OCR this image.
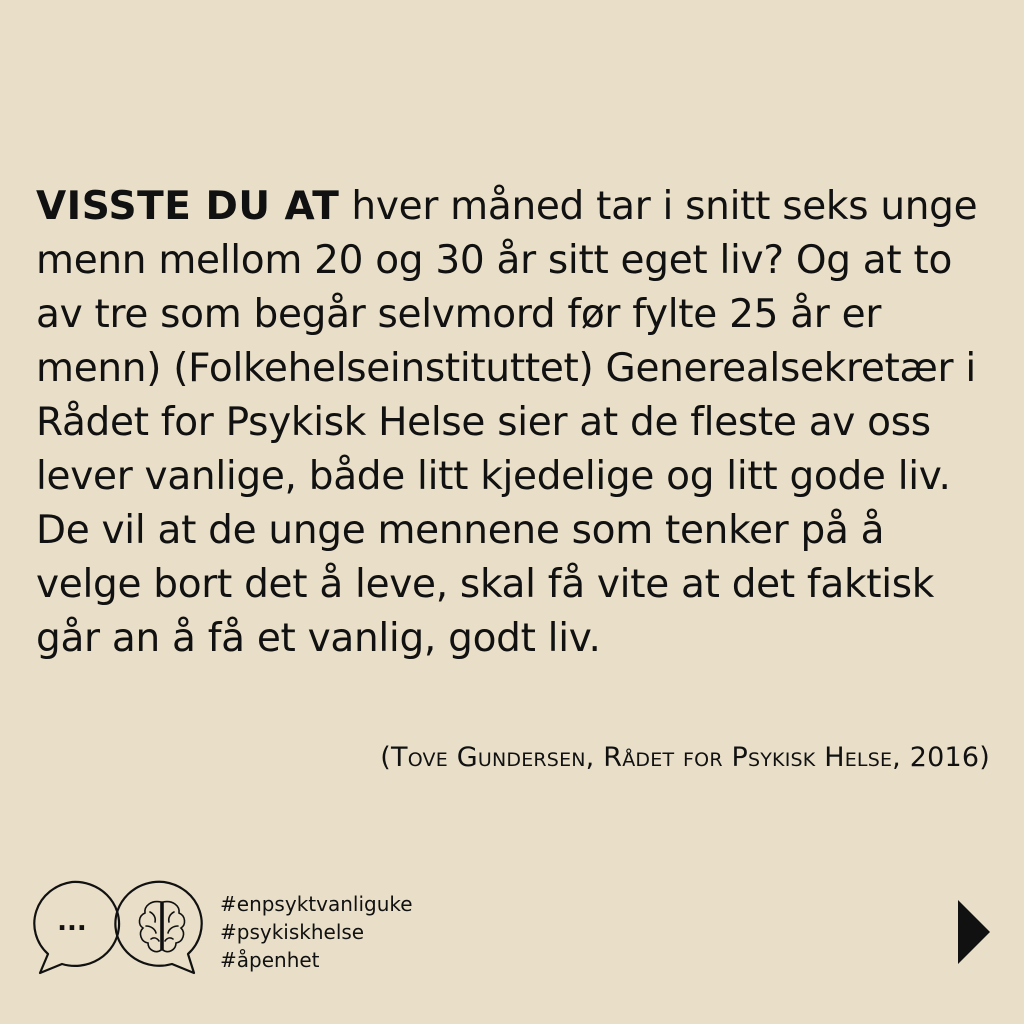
VISSTE DU AT hver måned tar i snitt seks unge menn mellom 20 og 30 år sitt eget liv? Og at to av tre som begår selvmord før fylte 25 år er menn) (Folkehelseinstituttet) Generealsekretær i Rådet for Psykisk Helse sier at de fleste av oss lever vanlige, både litt kjedelige og litt gode liv. De vil at de unge mennene som tenker på å velge bort det å leve, skal få vite at det faktisk går an å få et vanlig, godt liv.
(Tove Gundersen, Rådet for Psykisk Helse, 2016)
...
#enpsyktvanliguke
#psykiskhelse
#åpenhet
